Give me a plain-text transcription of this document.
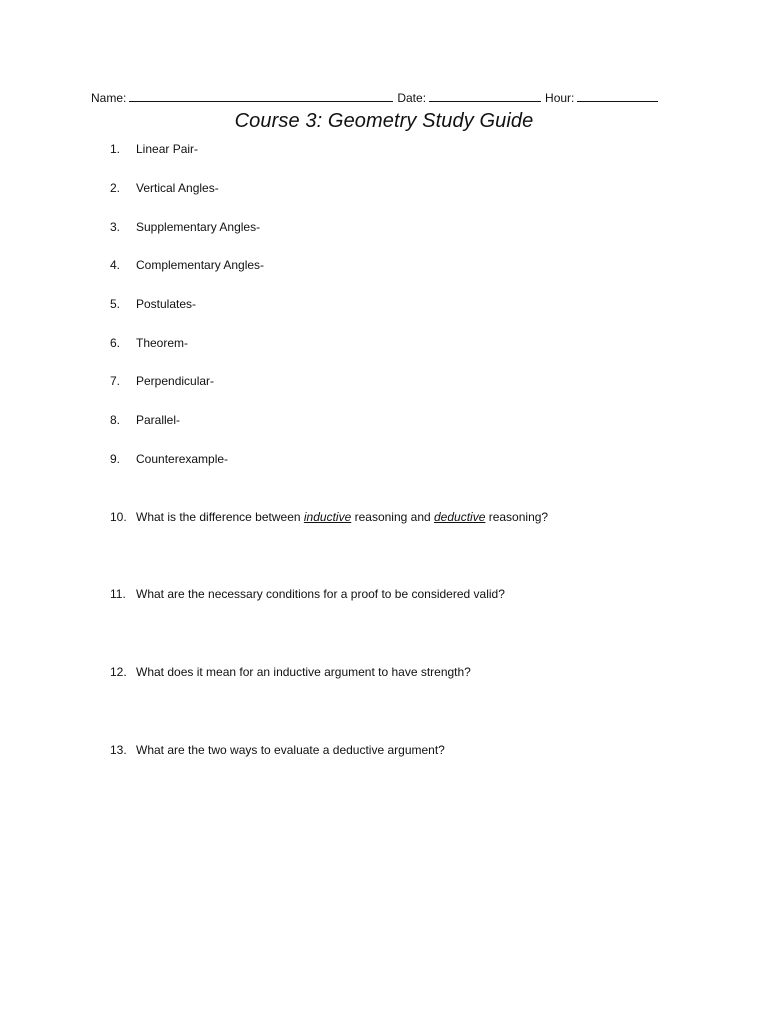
Name:	Date:	Hour:
Course 3: Geometry Study Guide
1. Linear Pair-
2. Vertical Angles-
3. Supplementary Angles-
4. Complementary Angles-
5. Postulates-
6. Theorem-
7. Perpendicular-
8. Parallel-
9. Counterexample-
10. What is the difference between inductive reasoning and deductive reasoning?
11. What are the necessary conditions for a proof to be considered valid?
12. What does it mean for an inductive argument to have strength?
13. What are the two ways to evaluate a deductive argument?
